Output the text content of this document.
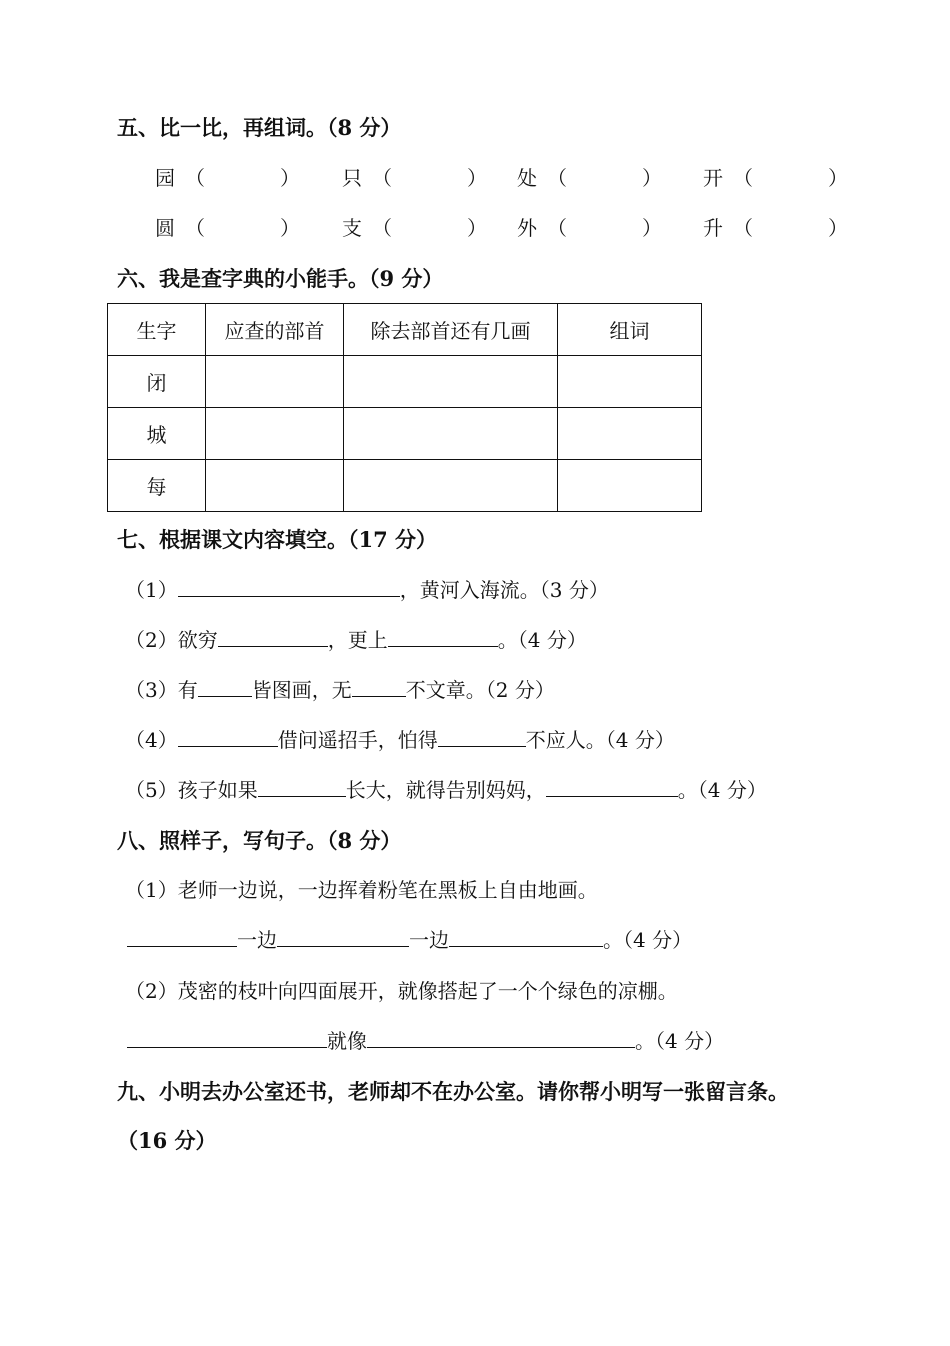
五、比一比，再组词。（8 分）
园 （	） 只 （	） 处 （	） 开 （	）
圆 （	） 支 （	） 外 （	） 升 （	）
六、我是查字典的小能手。（9 分）
生字	应查的部首	除去部首还有几画	组词
闭			
城			
每			
七、根据课文内容填空。（17 分）
（1）	，黄河入海流。（3 分）
（2）欲穷	，更上	。（4 分）
（3）有	皆图画，无	不文章。（2 分）
（4）	借问遥招手，怕得	不应人。（4 分）
（5）孩子如果	长大，就得告别妈妈，	。（4 分）
八、照样子，写句子。（8 分）
（1）老师一边说，一边挥着粉笔在黑板上自由地画。
一边	一边	。（4 分）
（2）茂密的枝叶向四面展开，就像搭起了一个个绿色的凉棚。
就像	。（4 分）
九、小明去办公室还书，老师却不在办公室。请你帮小明写一张留言条。
（16 分）
